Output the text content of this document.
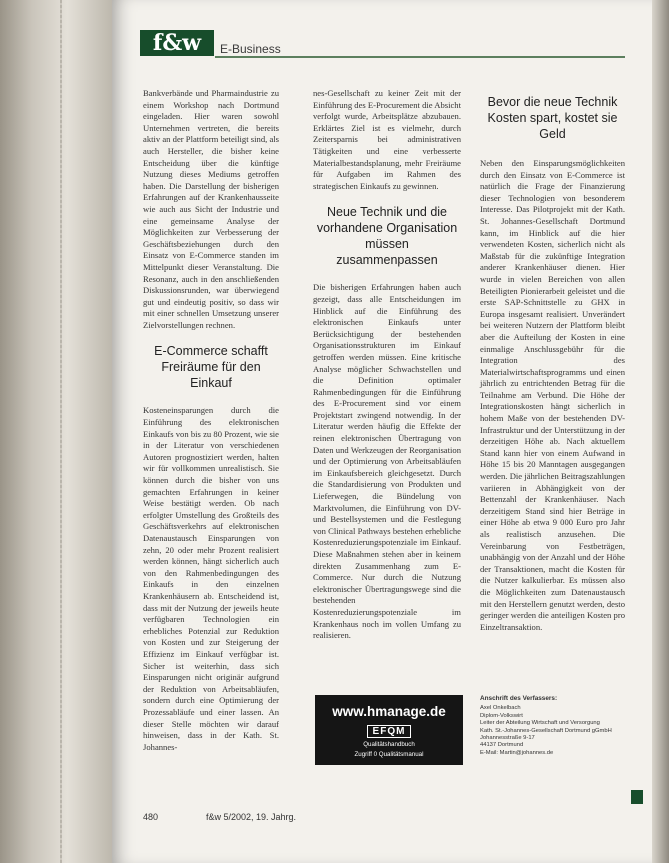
f&w	E-Business

Bankverbände und Pharmaindustrie zu einem Workshop nach Dortmund eingeladen. Hier waren sowohl Unternehmen vertreten, die bereits aktiv an der Plattform beteiligt sind, als auch Hersteller, die bisher keine Entscheidung über die künftige Nutzung dieses Mediums getroffen haben. Die Darstellung der bisherigen Erfahrungen auf der Krankenhausseite wie auch aus Sicht der Industrie und eine gemeinsame Analyse der Möglichkeiten zur Verbesserung der Geschäftsbeziehungen durch den Einsatz von E-Commerce standen im Mittelpunkt dieser Veranstaltung. Die Resonanz, auch in den anschließenden Diskussionsrunden, war überwiegend gut und eindeutig positiv, so dass wir mit einer schnellen Umsetzung unserer Zielvorstellungen rechnen.

E-Commerce schafft Freiräume für den Einkauf

Kosteneinsparungen durch die Einführung des elektronischen Einkaufs von bis zu 80 Prozent, wie sie in der Literatur von verschiedenen Autoren prognostiziert werden, halten wir für vollkommen unrealistisch. Sie können durch die bisher von uns gemachten Erfahrungen in keiner Weise bestätigt werden. Ob nach erfolgter Umstellung des Großteils des Geschäftsverkehrs auf elektronischen Datenaustausch Einsparungen von zehn, 20 oder mehr Prozent realisiert werden können, hängt sicherlich auch von den Rahmenbedingungen des Einkaufs in den einzelnen Krankenhäusern ab. Entscheidend ist, dass mit der Nutzung der jeweils heute verfügbaren Technologien ein erhebliches Potenzial zur Reduktion von Kosten und zur Steigerung der Effizienz im Einkauf verfügbar ist. Sicher ist weiterhin, dass sich Einsparungen nicht originär aufgrund der Reduktion von Arbeitsabläufen, sondern durch eine Optimierung der Prozessabläufe und einer lassen. An dieser Stelle möchten wir darauf hinweisen, dass in der Kath. St. Johannes-

nes-Gesellschaft zu keiner Zeit mit der Einführung des E-Procurement die Absicht verfolgt wurde, Arbeitsplätze abzubauen. Erklärtes Ziel ist es vielmehr, durch Zeitersparnis bei administrativen Tätigkeiten und eine verbesserte Materialbestandsplanung, mehr Freiräume für Aufgaben im Rahmen des strategischen Einkaufs zu gewinnen.

Neue Technik und die vorhandene Organisation müssen zusammenpassen

Die bisherigen Erfahrungen haben auch gezeigt, dass alle Entscheidungen im Hinblick auf die Einführung des elektronischen Einkaufs unter Berücksichtigung der bestehenden Organisationsstrukturen im Einkauf getroffen werden müssen. Eine kritische Analyse möglicher Schwachstellen und die Definition optimaler Rahmenbedingungen für die Einführung des E-Procurement sind vor einem Projektstart zwingend notwendig. In der Literatur werden häufig die Effekte der reinen elektronischen Übertragung von Daten und Werkzeugen der Reorganisation und der Optimierung von Arbeitsabläufen im Einkaufsbereich gleichgesetzt. Durch die Standardisierung von Produkten und Lieferwegen, die Bündelung von Marktvolumen, die Einführung von DV- und Bestellsystemen und die Festlegung von Clinical Pathways bestehen erhebliche Kostenreduzierungspotenziale im Einkauf. Diese Maßnahmen stehen aber in keinem direkten Zusammenhang zum E-Commerce. Nur durch die Nutzung elektronischer Übertragungswege sind die bestehenden Kostenreduzierungspotenziale im Krankenhaus noch im vollen Umfang zu realisieren.

Bevor die neue Technik Kosten spart, kostet sie Geld

Neben den Einsparungsmöglichkeiten durch den Einsatz von E-Commerce ist natürlich die Frage der Finanzierung dieser Technologien von besonderem Interesse. Das Pilotprojekt mit der Kath. St. Johannes-Gesellschaft Dortmund kann, im Hinblick auf die hier verwendeten Kosten, sicherlich nicht als Maßstab für die zukünftige Integration anderer Krankenhäuser dienen. Hier wurde in vielen Bereichen von allen Beteiligten Pionierarbeit geleistet und die erste SAP-Schnittstelle zu GHX in Europa insgesamt realisiert. Unverändert bei weiteren Nutzern der Plattform bleibt aber die Aufteilung der Kosten in eine einmalige Anschlussgebühr für die Integration des Materialwirtschaftsprogramms und einen jährlich zu entrichtenden Betrag für die Teilnahme am Verbund. Die Höhe der Integrationskosten hängt sicherlich in hohem Maße von der bestehenden DV-Infrastruktur und der Unterstützung in der derzeitigen Höhe ab. Nach aktuellem Stand kann hier von einem Aufwand in Höhe 15 bis 20 Manntagen ausgegangen werden. Die jährlichen Beitragszahlungen variieren in Abhängigkeit von der Bettenzahl der Krankenhäuser. Nach derzeitigem Stand sind hier Beträge in einer Höhe ab etwa 9 000 Euro pro Jahr als realistisch anzusehen. Die Vereinbarung von Festbeträgen, unabhängig von der Anzahl und der Höhe der Transaktionen, macht die Kosten für die Nutzer kalkulierbar. Es müssen also die Möglichkeiten zum Datenaustausch mit den Herstellern genutzt werden, desto geringer werden die anteiligen Kosten pro Einzeltransaktion.

www.hmanage.de
EFQM
Qualitätshandbuch
Zugriff 0 Qualitätsmanual
Anschrift des Verfassers:
Axel Onkelbach
Diplom-Volkswirt
Leiter der Abteilung Wirtschaft und Versorgung
Kath. St.-Johannes-Gesellschaft Dortmund gGmbH
Johannesstraße 9-17
44137 Dortmund
E-Mail: Martin@johannes.de
480	f&w 5/2002, 19. Jahrg.
